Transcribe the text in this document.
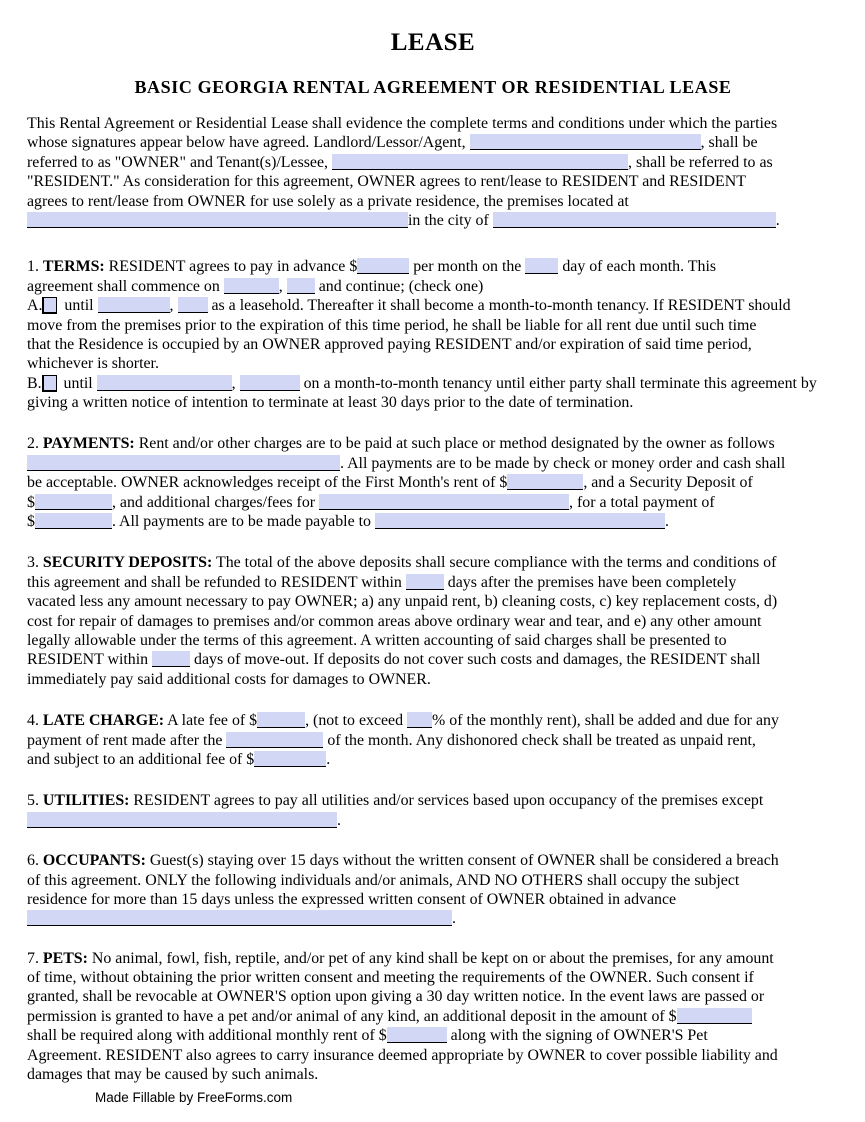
LEASE
BASIC GEORGIA RENTAL AGREEMENT OR RESIDENTIAL LEASE
This Rental Agreement or Residential Lease shall evidence the complete terms and conditions under which the parties
whose signatures appear below have agreed. Landlord/Lessor/Agent,	, shall be
referred to as "OWNER" and Tenant(s)/Lessee,	, shall be referred to as
"RESIDENT." As consideration for this agreement, OWNER agrees to rent/lease to RESIDENT and RESIDENT
agrees to rent/lease from OWNER for use solely as a private residence, the premises located at
in the city of	.
1. TERMS: RESIDENT agrees to pay in advance $	per month on the  day of each month. This
agreement shall commence on	,  and continue; (check one)
A. until	,  as a leasehold. Thereafter it shall become a month-to-month tenancy. If RESIDENT should
move from the premises prior to the expiration of this time period, he shall be liable for all rent due until such time
that the Residence is occupied by an OWNER approved paying RESIDENT and/or expiration of said time period,
whichever is shorter.
B. until	,	on a month-to-month tenancy until either party shall terminate this agreement by
giving a written notice of intention to terminate at least 30 days prior to the date of termination.
2. PAYMENTS: Rent and/or other charges are to be paid at such place or method designated by the owner as follows
. All payments are to be made by check or money order and cash shall
be acceptable. OWNER acknowledges receipt of the First Month's rent of $	, and a Security Deposit of
$	, and additional charges/fees for	, for a total payment of
$	. All payments are to be made payable to	.
3. SECURITY DEPOSITS: The total of the above deposits shall secure compliance with the terms and conditions of
this agreement and shall be refunded to RESIDENT within  days after the premises have been completely
vacated less any amount necessary to pay OWNER; a) any unpaid rent, b) cleaning costs, c) key replacement costs, d)
cost for repair of damages to premises and/or common areas above ordinary wear and tear, and e) any other amount
legally allowable under the terms of this agreement. A written accounting of said charges shall be presented to
RESIDENT within  days of move-out. If deposits do not cover such costs and damages, the RESIDENT shall
immediately pay said additional costs for damages to OWNER.
4. LATE CHARGE: A late fee of $	, (not to exceed % of the monthly rent), shall be added and due for any
payment of rent made after the	of the month. Any dishonored check shall be treated as unpaid rent,
and subject to an additional fee of $	.
5. UTILITIES: RESIDENT agrees to pay all utilities and/or services based upon occupancy of the premises except
.
6. OCCUPANTS: Guest(s) staying over 15 days without the written consent of OWNER shall be considered a breach
of this agreement. ONLY the following individuals and/or animals, AND NO OTHERS shall occupy the subject
residence for more than 15 days unless the expressed written consent of OWNER obtained in advance
.
7. PETS: No animal, fowl, fish, reptile, and/or pet of any kind shall be kept on or about the premises, for any amount
of time, without obtaining the prior written consent and meeting the requirements of the OWNER. Such consent if
granted, shall be revocable at OWNER'S option upon giving a 30 day written notice. In the event laws are passed or
permission is granted to have a pet and/or animal of any kind, an additional deposit in the amount of $
shall be required along with additional monthly rent of $	along with the signing of OWNER'S Pet
Agreement. RESIDENT also agrees to carry insurance deemed appropriate by OWNER to cover possible liability and
damages that may be caused by such animals.
Made Fillable by FreeForms.com
